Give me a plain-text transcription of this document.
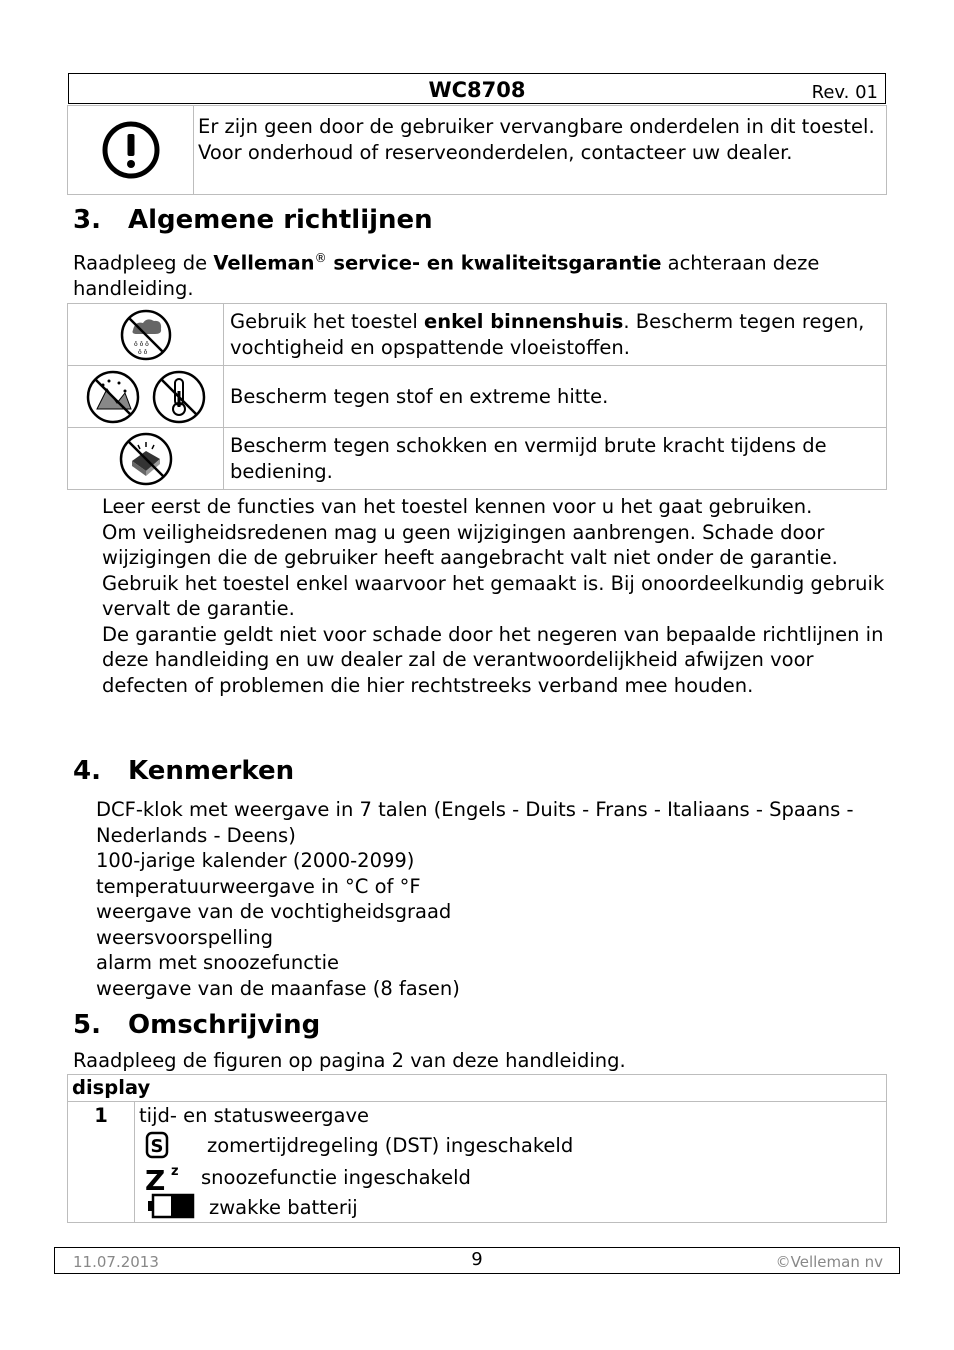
WC8708	Rev. 01

Er zijn geen door de gebruiker vervangbare onderdelen in dit toestel. Voor onderhoud of reserveonderdelen, contacteer uw dealer.
3. Algemene richtlijnen

Raadpleeg de Velleman® service- en kwaliteitsgarantie achteraan deze handleiding.

ô ô ô
ô ô	Gebruik het toestel enkel binnenshuis. Bescherm tegen regen, vochtigheid en opspattende vloeistoffen.

Bescherm tegen stof en extreme hitte.

Bescherm tegen schokken en vermijd brute kracht tijdens de bediening.
Leer eerst de functies van het toestel kennen voor u het gaat gebruiken.
Om veiligheidsredenen mag u geen wijzigingen aanbrengen. Schade door wijzigingen die de gebruiker heeft aangebracht valt niet onder de garantie.
Gebruik het toestel enkel waarvoor het gemaakt is. Bij onoordeelkundig gebruik vervalt de garantie.
De garantie geldt niet voor schade door het negeren van bepaalde richtlijnen in deze handleiding en uw dealer zal de verantwoordelijkheid afwijzen voor defecten of problemen die hier rechtstreeks verband mee houden.
4. Kenmerken
DCF-klok met weergave in 7 talen (Engels - Duits - Frans - Italiaans - Spaans - Nederlands - Deens)
100-jarige kalender (2000-2099)
temperatuurweergave in °C of °F
weergave van de vochtigheidsgraad
weersvoorspelling
alarm met snoozefunctie
weergave van de maanfase (8 fasen)
5. Omschrijving

Raadpleeg de figuren op pagina 2 van deze handleiding.

display

1	tijd- en statusweergave
S zomertijdregeling (DST) ingeschakeld
Z z snoozefunctie ingeschakeld
zwakke batterij
11.07.2013	9	©Velleman nv
